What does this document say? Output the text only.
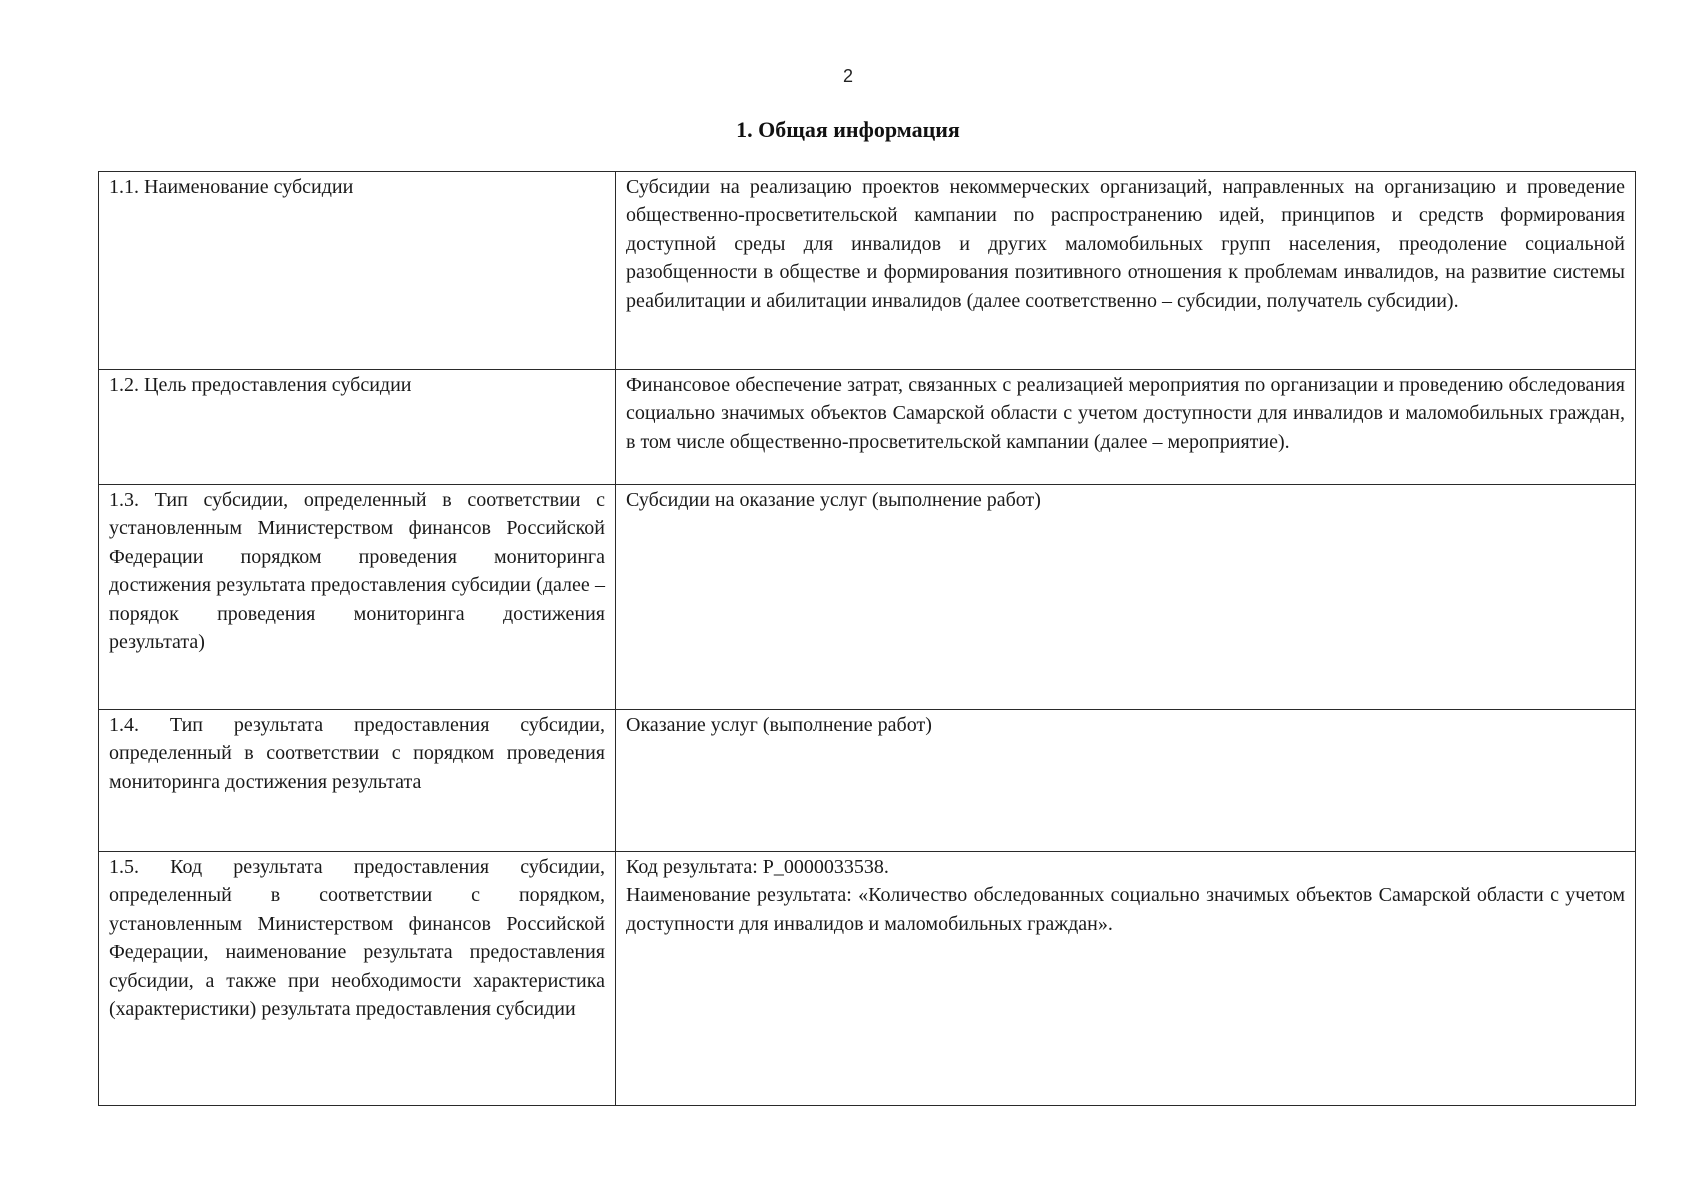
2
1. Общая информация
1.1. Наименование субсидии	Субсидии на реализацию проектов некоммерческих организаций, направленных на организацию и проведение общественно-просветительской кампании по распространению идей, принципов и средств формирования доступной среды для инвалидов и других маломобильных групп населения, преодоление социальной разобщенности в обществе и формирования позитивного отношения к проблемам инвалидов, на развитие системы реабилитации и абилитации инвалидов (далее соответственно – субсидии, получатель субсидии).
1.2. Цель предоставления субсидии	Финансовое обеспечение затрат, связанных с реализацией мероприятия по организации и проведению обследования социально значимых объектов Самарской области с учетом доступности для инвалидов и маломобильных граждан, в том числе общественно-просветительской кампании (далее – мероприятие).
1.3. Тип субсидии, определенный в соответствии с установленным Министерством финансов Российской Федерации порядком проведения мониторинга достижения результата предоставления субсидии (далее – порядок проведения мониторинга достижения результата)	Субсидии на оказание услуг (выполнение работ)
1.4. Тип результата предоставления субсидии, определенный в соответствии с порядком проведения мониторинга достижения результата	Оказание услуг (выполнение работ)
1.5. Код результата предоставления субсидии, определенный в соответствии с порядком, установленным Министерством финансов Российской Федерации, наименование результата предоставления субсидии, а также при необходимости характеристика (характеристики) результата предоставления субсидии	Код результата: P_0000033538.
Наименование результата: «Количество обследованных социально значимых объектов Самарской области с учетом доступности для инвалидов и маломобильных граждан».
